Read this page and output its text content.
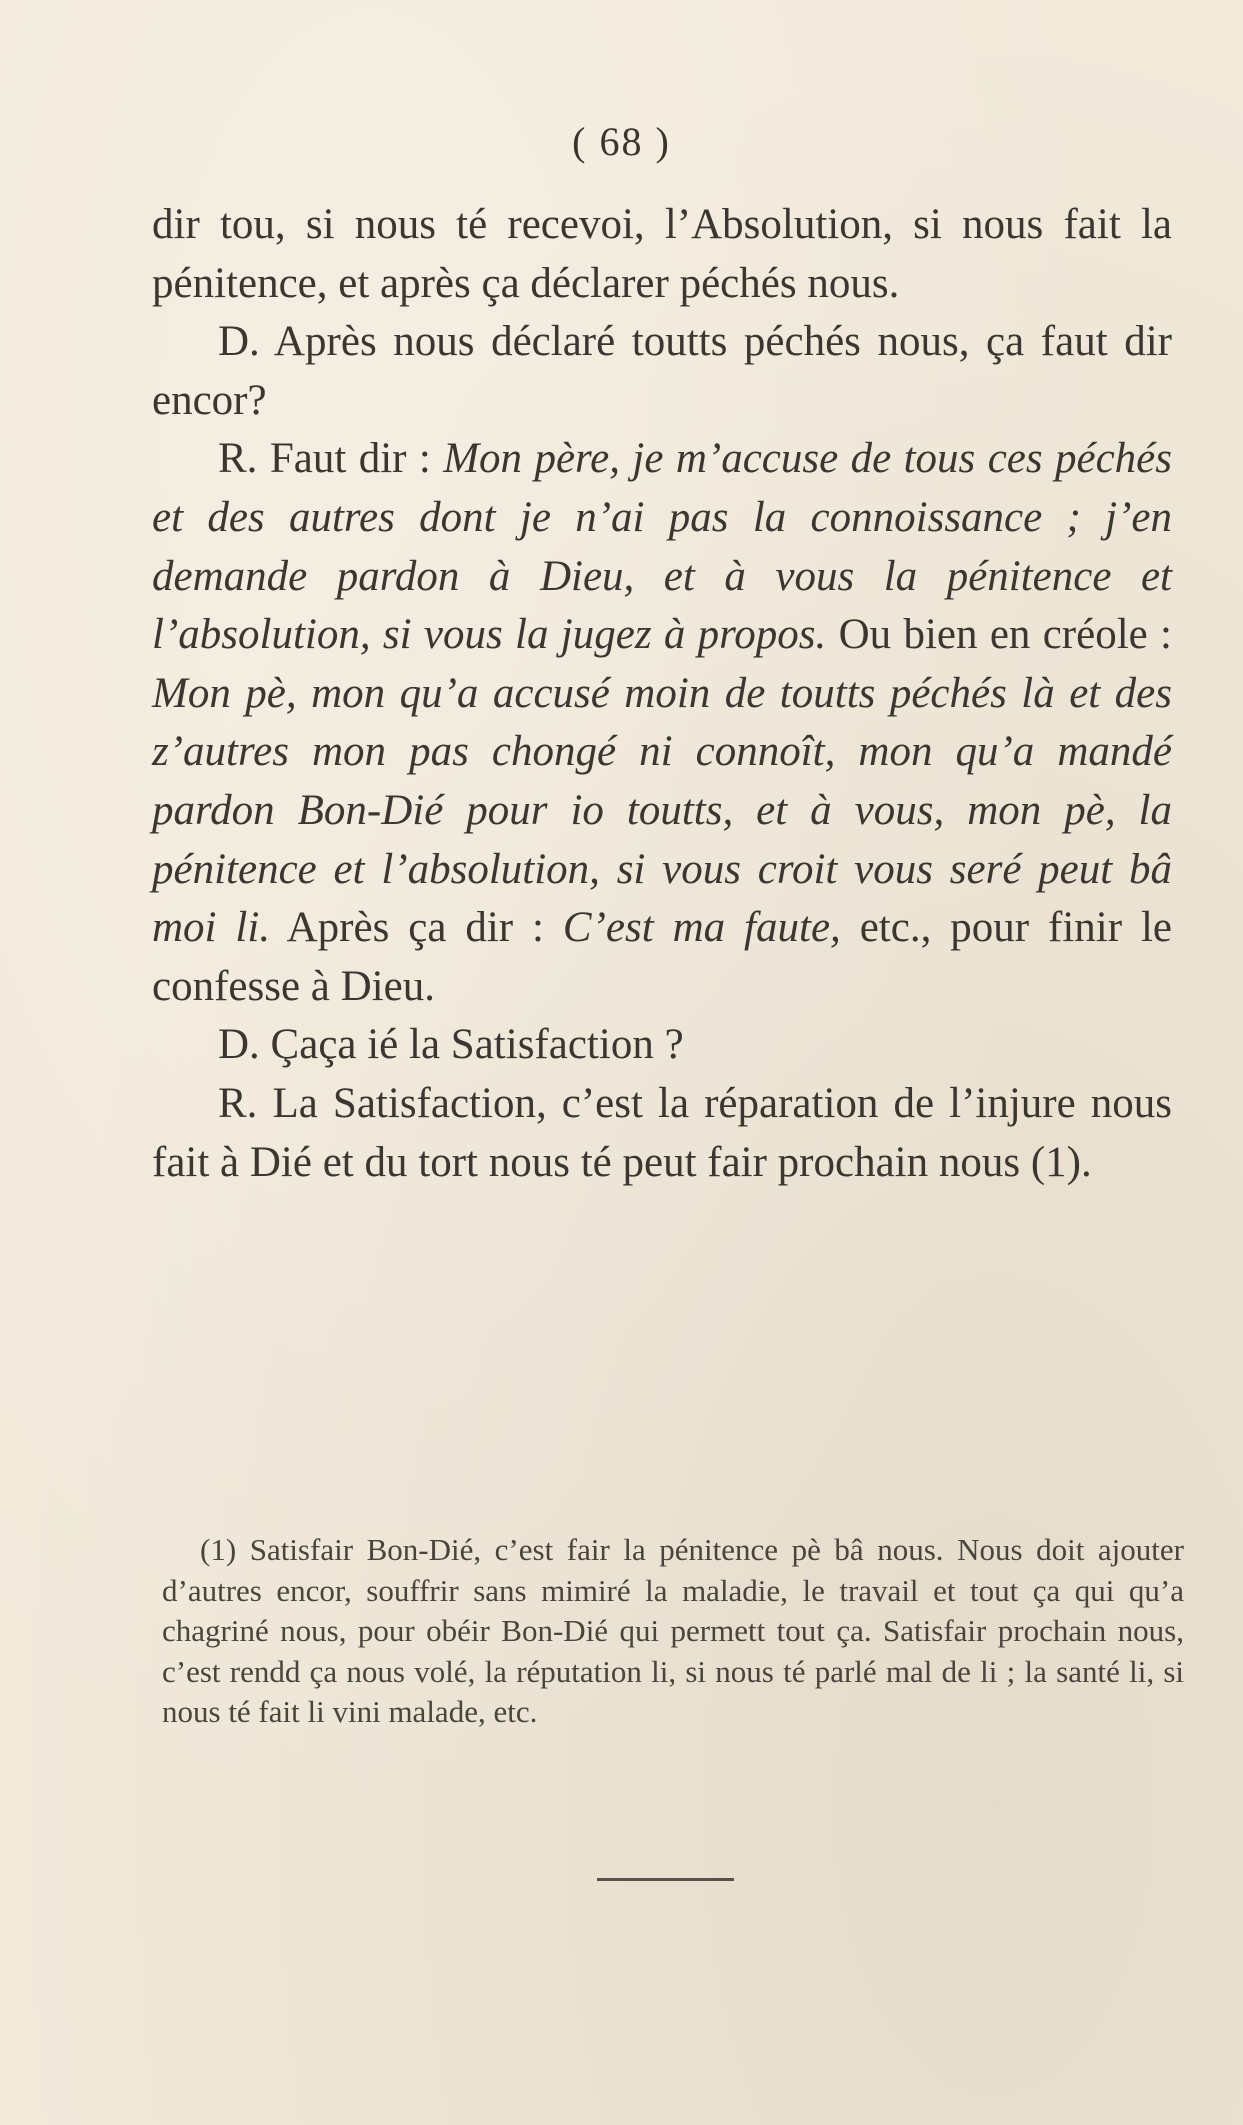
( 68 )

dir tou, si nous té recevoi, l’Absolution, si nous fait la pénitence, et après ça déclarer péchés nous.

D. Après nous déclaré toutts péchés nous, ça faut dir encor?

R. Faut dir : Mon père, je m’accuse de tous ces péchés et des autres dont je n’ai pas la connoissance ; j’en demande pardon à Dieu, et à vous la pénitence et l’absolution, si vous la jugez à propos. Ou bien en créole : Mon pè, mon qu’a accusé moin de toutts péchés là et des z’autres mon pas chongé ni connoît, mon qu’a mandé pardon Bon-Dié pour io toutts, et à vous, mon pè, la pénitence et l’absolution, si vous croit vous seré peut bâ moi li. Après ça dir : C’est ma faute, etc., pour finir le confesse à Dieu.

D. Çaça ié la Satisfaction ?

R. La Satisfaction, c’est la réparation de l’injure nous fait à Dié et du tort nous té peut fair prochain nous (1).

(1) Satisfair Bon-Dié, c’est fair la pénitence pè bâ nous. Nous doit ajouter d’autres encor, souffrir sans mimiré la maladie, le travail et tout ça qui qu’a chagriné nous, pour obéir Bon-Dié qui permett tout ça. Satisfair prochain nous, c’est rendd ça nous volé, la réputation li, si nous té parlé mal de li ; la santé li, si nous té fait li vini malade, etc.
